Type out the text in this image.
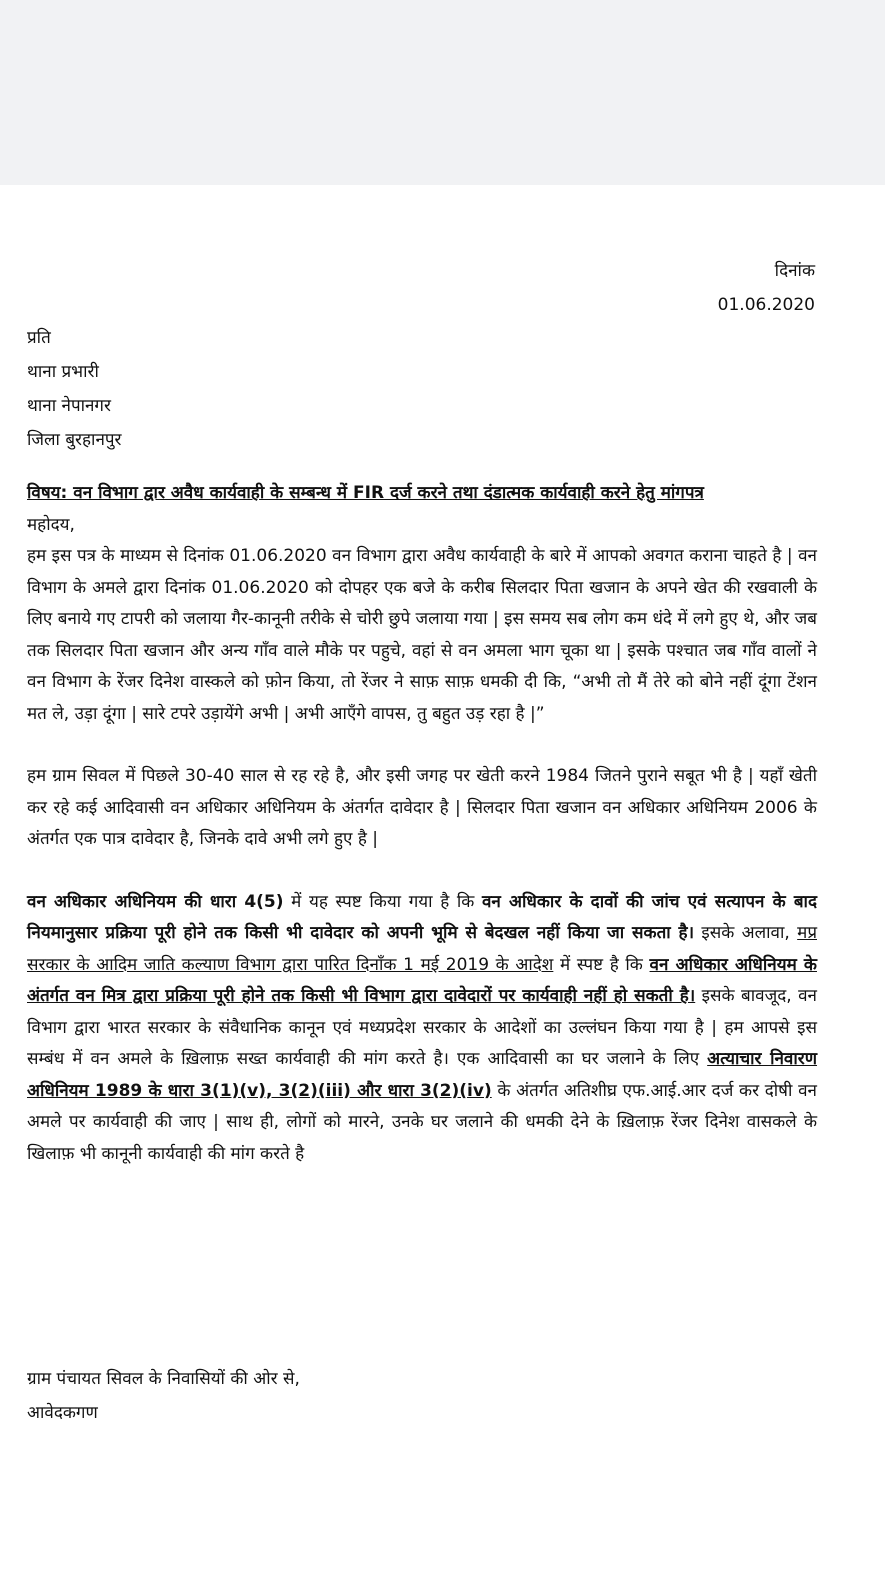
दिनांक
01.06.2020
प्रति
थाना प्रभारी
थाना नेपानगर
जिला बुरहानपुर

विषय: वन विभाग द्वार अवैध कार्यवाही के सम्बन्ध में FIR दर्ज करने तथा दंडात्मक कार्यवाही करने हेतु मांगपत्र

महोदय,

हम इस पत्र के माध्यम से दिनांक 01.06.2020 वन विभाग द्वारा अवैध कार्यवाही के बारे में आपको अवगत कराना चाहते है | वन विभाग के अमले द्वारा दिनांक 01.06.2020 को दोपहर एक बजे के करीब सिलदार पिता खजान के अपने खेत की रखवाली के लिए बनाये गए टापरी को जलाया गैर-कानूनी तरीके से चोरी छुपे जलाया गया | इस समय सब लोग कम धंदे में लगे हुए थे, और जब तक सिलदार पिता खजान और अन्य गाँव वाले मौके पर पहुचे, वहां से वन अमला भाग चूका था | इसके पश्चात जब गाँव वालों ने वन विभाग के रेंजर दिनेश वास्कले को फ़ोन किया, तो रेंजर ने साफ़ साफ़ धमकी दी कि, “अभी तो मैं तेरे को बोने नहीं दूंगा टेंशन मत ले, उड़ा दूंगा | सारे टपरे उड़ायेंगे अभी | अभी आएँगे वापस, तु बहुत उड़ रहा है |”

हम ग्राम सिवल में पिछले 30-40 साल से रह रहे है, और इसी जगह पर खेती करने 1984 जितने पुराने सबूत भी है | यहाँ खेती कर रहे कई आदिवासी वन अधिकार अधिनियम के अंतर्गत दावेदार है | सिलदार पिता खजान वन अधिकार अधिनियम 2006 के अंतर्गत एक पात्र दावेदार है, जिनके दावे अभी लगे हुए है |

वन अधिकार अधिनियम की धारा 4(5) में यह स्पष्ट किया गया है कि वन अधिकार के दावों की जांच एवं सत्यापन के बाद नियमानुसार प्रक्रिया पूरी होने तक किसी भी दावेदार को अपनी भूमि से बेदखल नहीं किया जा सकता है। इसके अलावा, मप्र सरकार के आदिम जाति कल्याण विभाग द्वारा पारित दिनाँक 1 मई 2019 के आदेश में स्पष्ट है कि वन अधिकार अधिनियम के अंतर्गत वन मित्र द्वारा प्रक्रिया पूरी होने तक किसी भी विभाग द्वारा दावेदारों पर कार्यवाही नहीं हो सकती है। इसके बावजूद, वन विभाग द्वारा भारत सरकार के संवैधानिक कानून एवं मध्यप्रदेश सरकार के आदेशों का उल्लंघन किया गया है | हम आपसे इस सम्बंध में वन अमले के ख़िलाफ़ सख्त कार्यवाही की मांग करते है। एक आदिवासी का घर जलाने के लिए अत्याचार निवारण अधिनियम 1989 के धारा 3(1)(v), 3(2)(iii) और धारा 3(2)(iv) के अंतर्गत अतिशीघ्र एफ.आई.आर दर्ज कर दोषी वन अमले पर कार्यवाही की जाए | साथ ही, लोगों को मारने, उनके घर जलाने की धमकी देने के ख़िलाफ़ रेंजर दिनेश वासकले के खिलाफ़ भी कानूनी कार्यवाही की मांग करते है

ग्राम पंचायत सिवल के निवासियों की ओर से,
आवेदकगण
